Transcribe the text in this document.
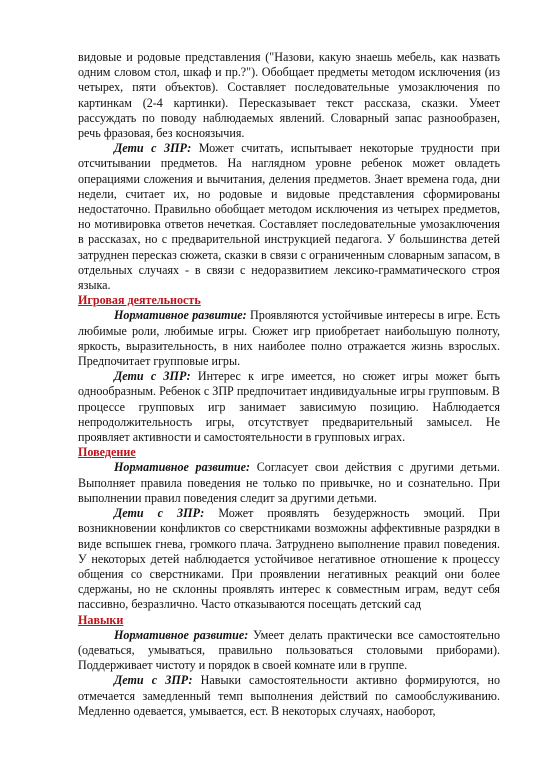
видовые и родовые представления ("Назови, какую знаешь мебель, как назвать одним словом стол, шкаф и пр.?"). Обобщает предметы методом исключения (из четырех, пяти объектов). Составляет последовательные умозаключения по картинкам (2-4 картинки). Пересказывает текст рассказа, сказки. Умеет рассуждать по поводу наблюдаемых явлений. Словарный запас разнообразен, речь фразовая, без косноязычия.

Дети с ЗПР: Может считать, испытывает некоторые трудности при отсчитывании предметов. На наглядном уровне ребенок может овладеть операциями сложения и вычитания, деления предметов. Знает времена года, дни недели, считает их, но родовые и видовые представления сформированы недостаточно. Правильно обобщает методом исключения из четырех предметов, но мотивировка ответов нечеткая. Составляет последовательные умозаключения в рассказах, но с предварительной инструкцией педагога. У большинства детей затруднен пересказ сюжета, сказки в связи с ограниченным словарным запасом, в отдельных случаях - в связи с недоразвитием лексико-грамматического строя языка.

Игровая деятельность

Нормативное развитие: Проявляются устойчивые интересы в игре. Есть любимые роли, любимые игры. Сюжет игр приобретает наибольшую полноту, яркость, выразительность, в них наиболее полно отражается жизнь взрослых. Предпочитает групповые игры.

Дети с ЗПР: Интерес к игре имеется, но сюжет игры может быть однообразным. Ребенок с ЗПР предпочитает индивидуальные игры групповым. В процессе групповых игр занимает зависимую позицию. Наблюдается непродолжительность игры, отсутствует предварительный замысел. Не проявляет активности и самостоятельности в групповых играх.

Поведение

Нормативное развитие: Согласует свои действия с другими детьми. Выполняет правила поведения не только по привычке, но и сознательно. При выполнении правил поведения следит за другими детьми.

Дети с ЗПР: Может проявлять безудержность эмоций. При возникновении конфликтов со сверстниками возможны аффективные разрядки в виде вспышек гнева, громкого плача. Затруднено выполнение правил поведения. У некоторых детей наблюдается устойчивое негативное отношение к процессу общения со сверстниками. При проявлении негативных реакций они более сдержаны, но не склонны проявлять интерес к совместным играм, ведут себя пассивно, безразлично. Часто отказываются посещать детский сад

Навыки

Нормативное развитие: Умеет делать практически все самостоятельно (одеваться, умываться, правильно пользоваться столовыми приборами). Поддерживает чистоту и порядок в своей комнате или в группе.

Дети с ЗПР: Навыки самостоятельности активно формируются, но отмечается замедленный темп выполнения действий по самообслуживанию. Медленно одевается, умывается, ест. В некоторых случаях, наоборот,
